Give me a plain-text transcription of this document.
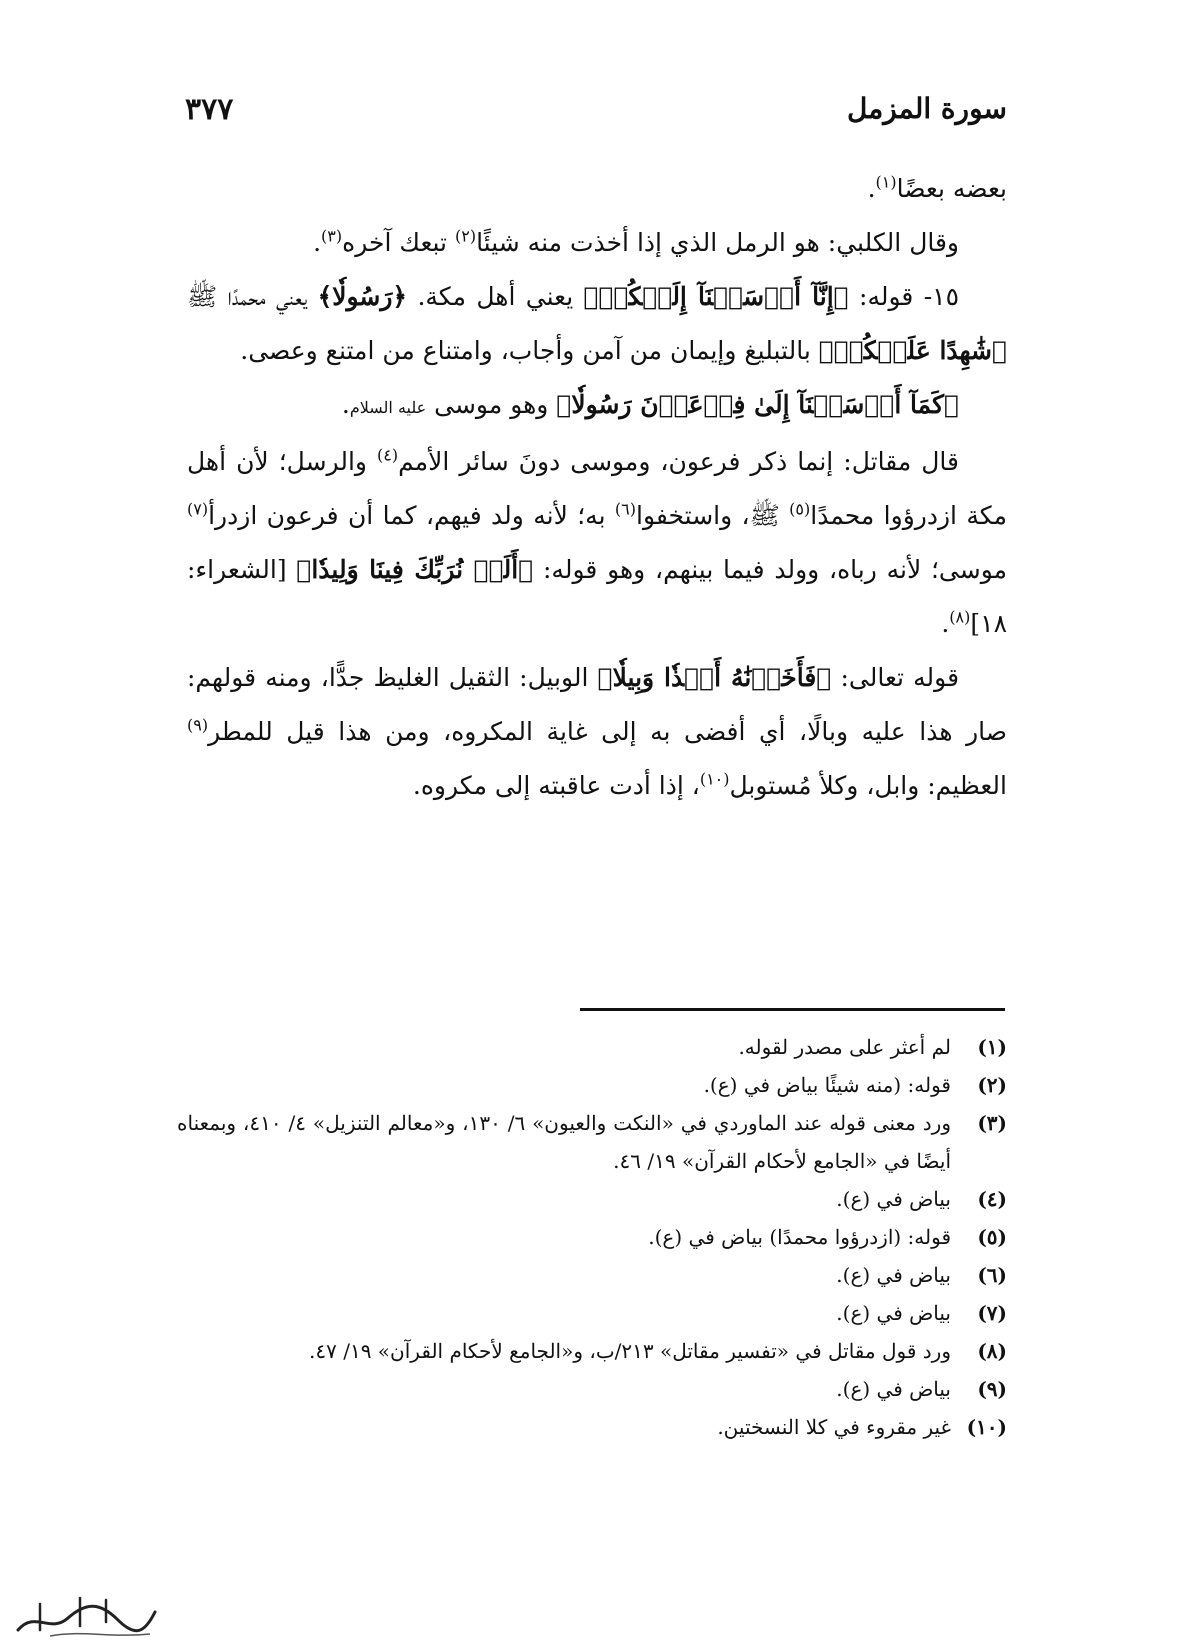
سورة المزمل
٣٧٧

بعضه بعضًا$^{(١)}$.

وقال الكلبي: هو الرمل الذي إذا أخذت منه شيئًا$^{(٢)}$ تبعك آخره$^{(٣)}$.

١٥- قوله: ﴿إِنَّآ أَرۡسَلۡنَآ إِلَيۡكُمۡ﴾ يعني أهل مكة. ﴿رَسُولٗا﴾ يعني محمدًا ﷺ ﴿شَٰهِدًا عَلَيۡكُمۡ﴾ بالتبليغ وإيمان من آمن وأجاب، وامتناع من امتنع وعصى.

﴿كَمَآ أَرۡسَلۡنَآ إِلَىٰ فِرۡعَوۡنَ رَسُولٗا﴾ وهو موسى عليه السلام.

قال مقاتل: إنما ذكر فرعون، وموسى دونَ سائر الأمم$^{(٤)}$ والرسل؛ لأن أهل مكة ازدرؤوا محمدًا$^{(٥)}$ ﷺ، واستخفوا$^{(٦)}$ به؛ لأنه ولد فيهم، كما أن فرعون ازدرأ$^{(٧)}$ موسى؛ لأنه رباه، وولد فيما بينهم، وهو قوله: ﴿أَلَمۡ نُرَبِّكَ فِينَا وَلِيدٗا﴾ [الشعراء: ١٨]$^{(٨)}$.

قوله تعالى: ﴿فَأَخَذۡنَٰهُ أَخۡذٗا وَبِيلٗا﴾ الوبيل: الثقيل الغليظ جدًّا، ومنه قولهم: صار هذا عليه وبالًا، أي أفضى به إلى غاية المكروه، ومن هذا قيل للمطر$^{(٩)}$ العظيم: وابل، وكلأ مُستوبل$^{(١٠)}$، إذا أدت عاقبته إلى مكروه.

(١)
لم أعثر على مصدر لقوله.

(٢)
قوله: (منه شيئًا بياض في (ع).

(٣)
ورد معنى قوله عند الماوردي في «النكت والعيون» ٦/ ١٣٠، و«معالم التنزيل» ٤/ ٤١٠، وبمعناه أيضًا في «الجامع لأحكام القرآن» ١٩/ ٤٦.

(٤)
بياض في (ع).

(٥)
قوله: (ازدرؤوا محمدًا) بياض في (ع).

(٦)
بياض في (ع).

(٧)
بياض في (ع).

(٨)
ورد قول مقاتل في «تفسير مقاتل» ٢١٣/ب، و«الجامع لأحكام القرآن» ١٩/ ٤٧.

(٩)
بياض في (ع).

(١٠)
غير مقروء في كلا النسختين.
